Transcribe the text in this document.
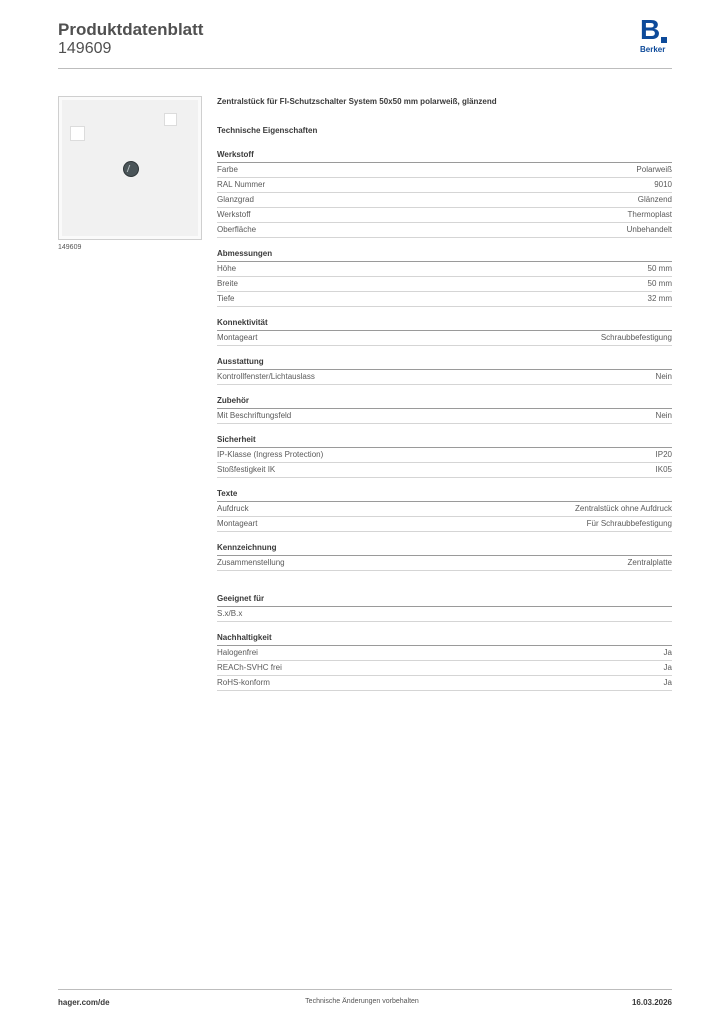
Produktdatenblatt
149609
B
Berker
149609
Zentralstück für FI-Schutzschalter System 50x50 mm polarweiß, glänzend
Technische Eigenschaften
Werkstoff
Farbe	Polarweiß
RAL Nummer	9010
Glanzgrad	Glänzend
Werkstoff	Thermoplast
Oberfläche	Unbehandelt
Abmessungen
Höhe	50 mm
Breite	50 mm
Tiefe	32 mm
Konnektivität
Montageart	Schraubbefestigung
Ausstattung
Kontrollfenster/Lichtauslass	Nein
Zubehör
Mit Beschriftungsfeld	Nein
Sicherheit
IP-Klasse (Ingress Protection)	IP20
Stoßfestigkeit IK	IK05
Texte
Aufdruck	Zentralstück ohne Aufdruck
Montageart	Für Schraubbefestigung
Kennzeichnung
Zusammenstellung	Zentralplatte
Geeignet für
S.x/B.x
Nachhaltigkeit
Halogenfrei	Ja
REACh-SVHC frei	Ja
RoHS-konform	Ja
hager.com/de	Technische Änderungen vorbehalten	16.03.2026
